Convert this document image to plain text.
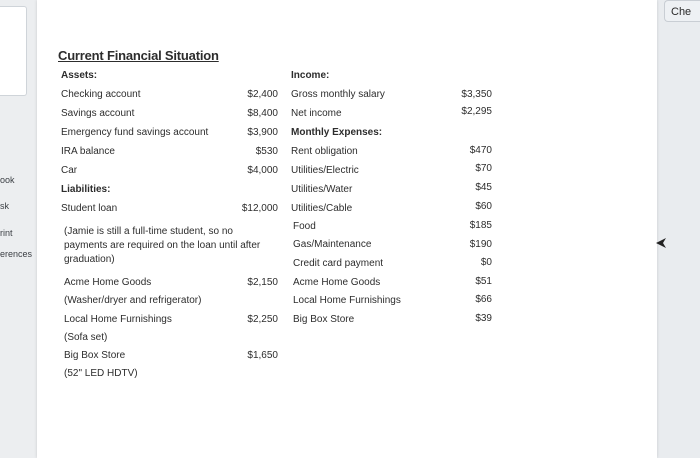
ook
sk
rint
erences
Che
Current Financial Situation
Assets:
Checking account	$2,400
Savings account	$8,400
Emergency fund savings account	$3,900
IRA balance	$530
Car	$4,000
Liabilities:
Student loan	$12,000
(Jamie is still a full-time student, so no
payments are required on the loan until after
graduation)
Acme Home Goods	$2,150
(Washer/dryer and refrigerator)
Local Home Furnishings	$2,250
(Sofa set)
Big Box Store	$1,650
(52" LED HDTV)
Income:
Gross monthly salary	$3,350
Net income	$2,295
Monthly Expenses:
Rent obligation	$470
Utilities/Electric	$70
Utilities/Water	$45
Utilities/Cable	$60
Food	$185
Gas/Maintenance	$190
Credit card payment	$0
Acme Home Goods	$51
Local Home Furnishings	$66
Big Box Store	$39
